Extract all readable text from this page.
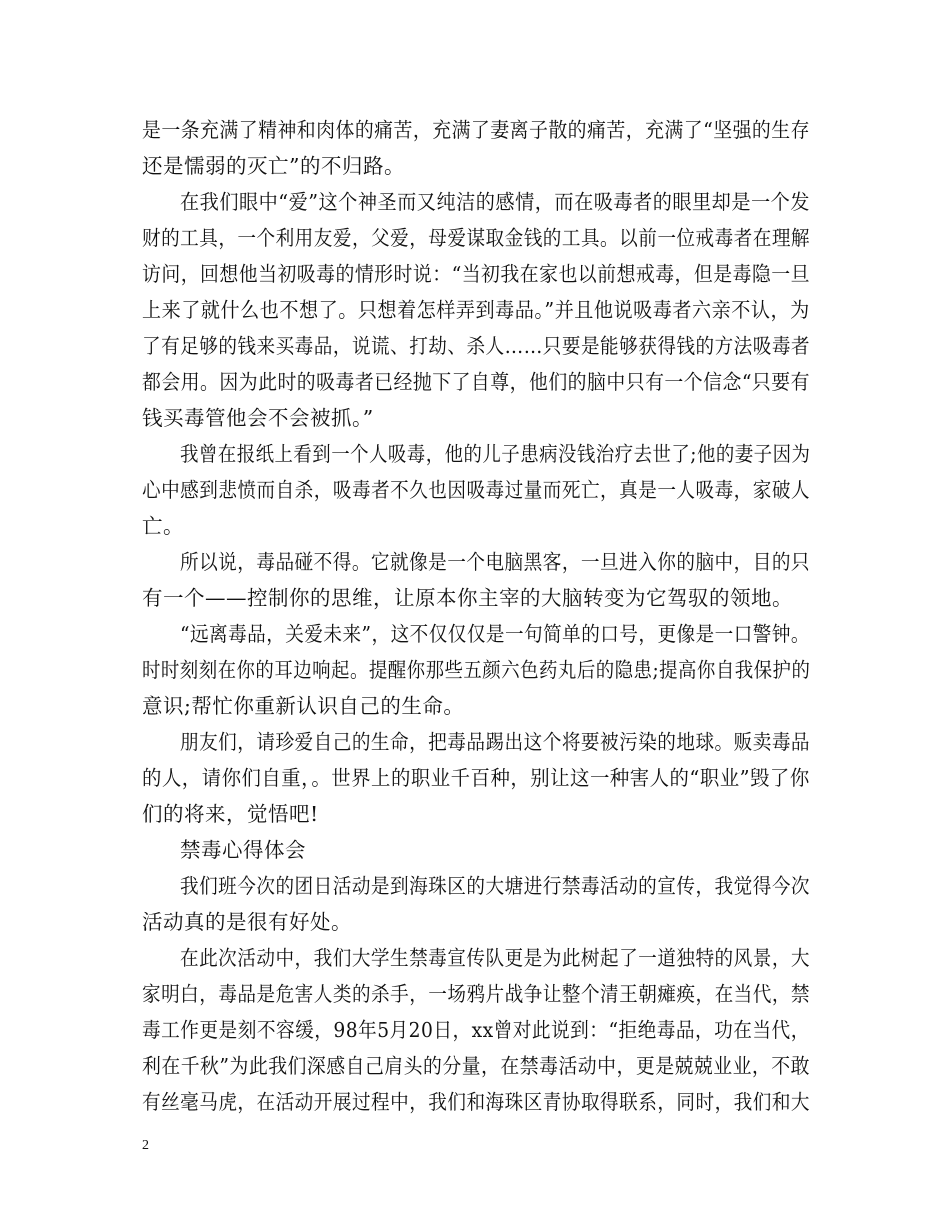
是一条充满了精神和肉体的痛苦，充满了妻离子散的痛苦，充满了“坚强的生存
还是懦弱的灭亡”的不归路。
在我们眼中“爱”这个神圣而又纯洁的感情，而在吸毒者的眼里却是一个发
财的工具，一个利用友爱，父爱，母爱谋取金钱的工具。以前一位戒毒者在理解
访问，回想他当初吸毒的情形时说：“当初我在家也以前想戒毒，但是毒隐一旦
上来了就什么也不想了。只想着怎样弄到毒品。”并且他说吸毒者六亲不认，为
了有足够的钱来买毒品，说谎、打劫、杀人……只要是能够获得钱的方法吸毒者
都会用。因为此时的吸毒者已经抛下了自尊，他们的脑中只有一个信念“只要有
钱买毒管他会不会被抓。”
我曾在报纸上看到一个人吸毒，他的儿子患病没钱治疗去世了;他的妻子因为
心中感到悲愤而自杀，吸毒者不久也因吸毒过量而死亡，真是一人吸毒，家破人
亡。
所以说，毒品碰不得。它就像是一个电脑黑客，一旦进入你的脑中，目的只
有一个——控制你的思维，让原本你主宰的大脑转变为它驾驭的领地。
“远离毒品，关爱未来”，这不仅仅仅是一句简单的口号，更像是一口警钟。
时时刻刻在你的耳边响起。提醒你那些五颜六色药丸后的隐患;提高你自我保护的
意识;帮忙你重新认识自己的生命。
朋友们，请珍爱自己的生命，把毒品踢出这个将要被污染的地球。贩卖毒品
的人，请你们自重，。世界上的职业千百种，别让这一种害人的“职业”毁了你
们的将来，觉悟吧!
禁毒心得体会
我们班今次的团日活动是到海珠区的大塘进行禁毒活动的宣传，我觉得今次
活动真的是很有好处。
在此次活动中，我们大学生禁毒宣传队更是为此树起了一道独特的风景，大
家明白，毒品是危害人类的杀手，一场鸦片战争让整个清王朝瘫痪，在当代，禁
毒工作更是刻不容缓，98年5月20日，xx曾对此说到：“拒绝毒品，功在当代，
利在千秋”为此我们深感自己肩头的分量，在禁毒活动中，更是兢兢业业，不敢
有丝毫马虎，在活动开展过程中，我们和海珠区青协取得联系，同时，我们和大
2
